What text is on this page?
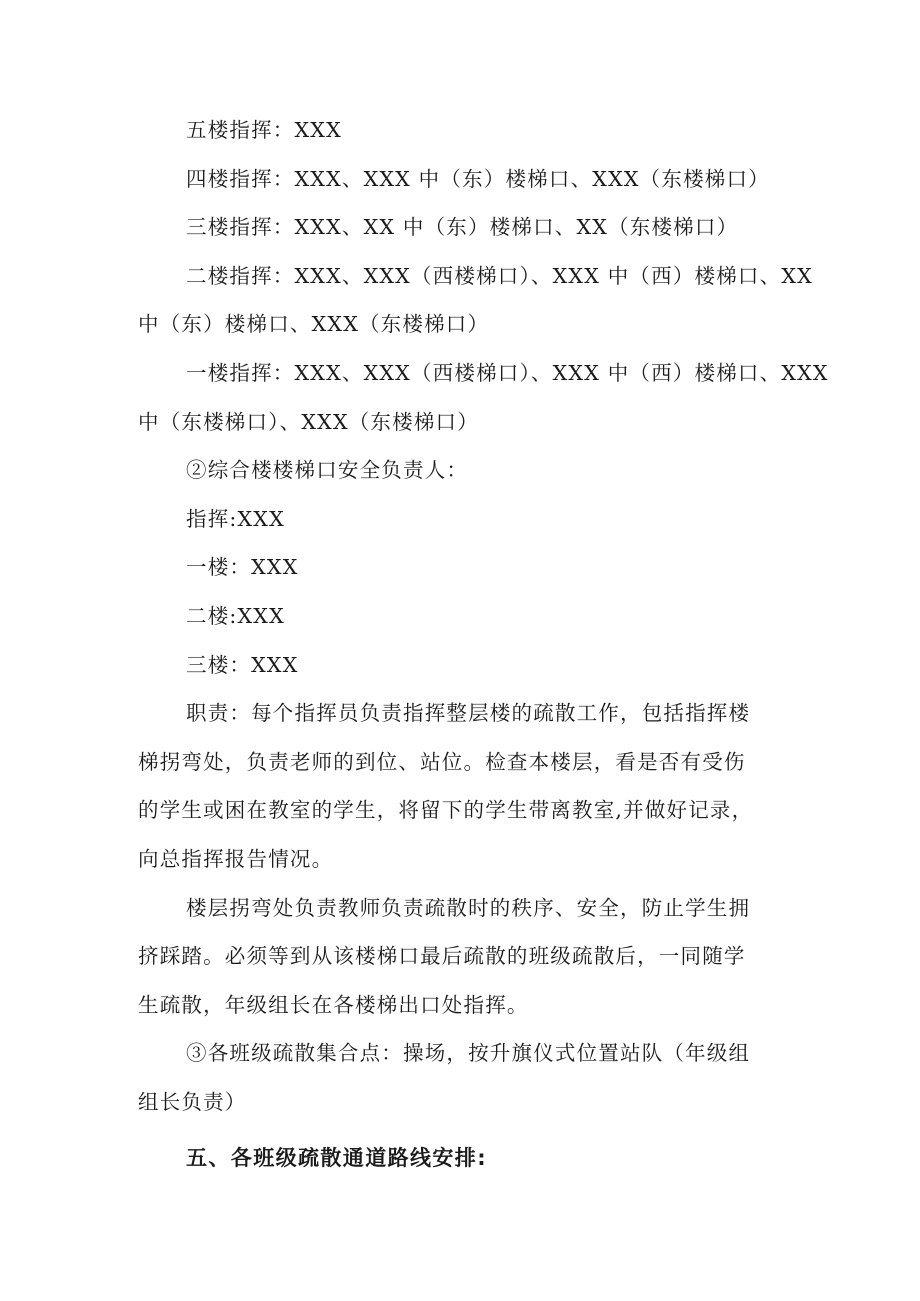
五楼指挥：XXX
四楼指挥：XXX、XXX 中（东）楼梯口、XXX（东楼梯口）
三楼指挥：XXX、XX 中（东）楼梯口、XX（东楼梯口）
二楼指挥：XXX、XXX（西楼梯口）、XXX 中（西）楼梯口、XX
中（东）楼梯口、XXX（东楼梯口）
一楼指挥：XXX、XXX（西楼梯口）、XXX 中（西）楼梯口、XXX
中（东楼梯口）、XXX（东楼梯口）
②综合楼楼梯口安全负责人：
指挥:XXX
一楼：XXX
二楼:XXX
三楼：XXX
职责：每个指挥员负责指挥整层楼的疏散工作，包括指挥楼
梯拐弯处，负责老师的到位、站位。检查本楼层，看是否有受伤
的学生或困在教室的学生，将留下的学生带离教室,并做好记录，
向总指挥报告情况。
楼层拐弯处负责教师负责疏散时的秩序、安全，防止学生拥
挤踩踏。必须等到从该楼梯口最后疏散的班级疏散后，一同随学
生疏散，年级组长在各楼梯出口处指挥。
③各班级疏散集合点：操场，按升旗仪式位置站队（年级组
组长负责）
五、各班级疏散通道路线安排:
